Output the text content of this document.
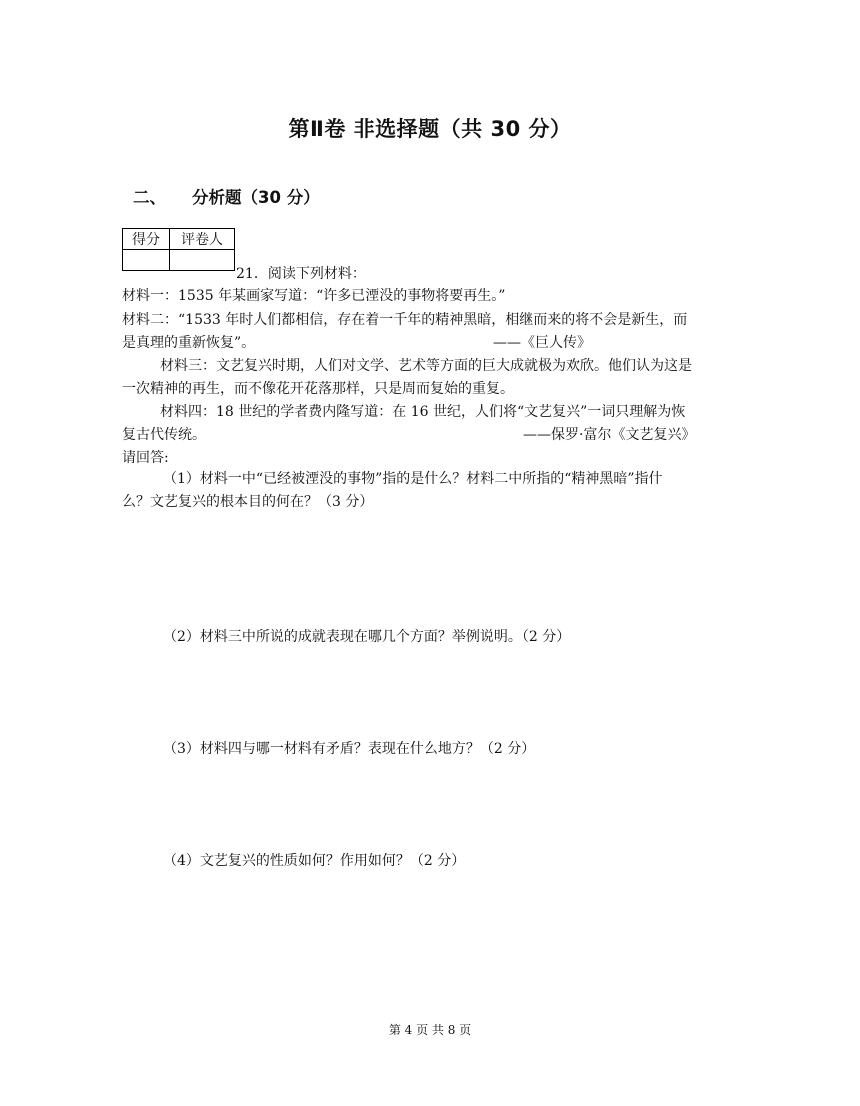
第Ⅱ卷 非选择题（共 30 分）
二、 分析题（30 分）
得分	评卷人

21．阅读下列材料：
材料一：1535 年某画家写道：“许多已湮没的事物将要再生。”
材料二：“1533 年时人们都相信，存在着一千年的精神黑暗，相继而来的将不会是新生，而
是真理的重新恢复”。	——《巨人传》
材料三：文艺复兴时期，人们对文学、艺术等方面的巨大成就极为欢欣。他们认为这是
一次精神的再生，而不像花开花落那样，只是周而复始的重复。
材料四：18 世纪的学者费内隆写道：在 16 世纪，人们将“文艺复兴”一词只理解为恢
复古代传统。	——保罗·富尔《文艺复兴》
请回答:
（1）材料一中“已经被湮没的事物”指的是什么？材料二中所指的“精神黑暗”指什
么？文艺复兴的根本目的何在？（3 分）
（2）材料三中所说的成就表现在哪几个方面？举例说明。（2 分）
（3）材料四与哪一材料有矛盾？表现在什么地方？（2 分）
（4）文艺复兴的性质如何？作用如何？（2 分）
第 4 页 共 8 页
